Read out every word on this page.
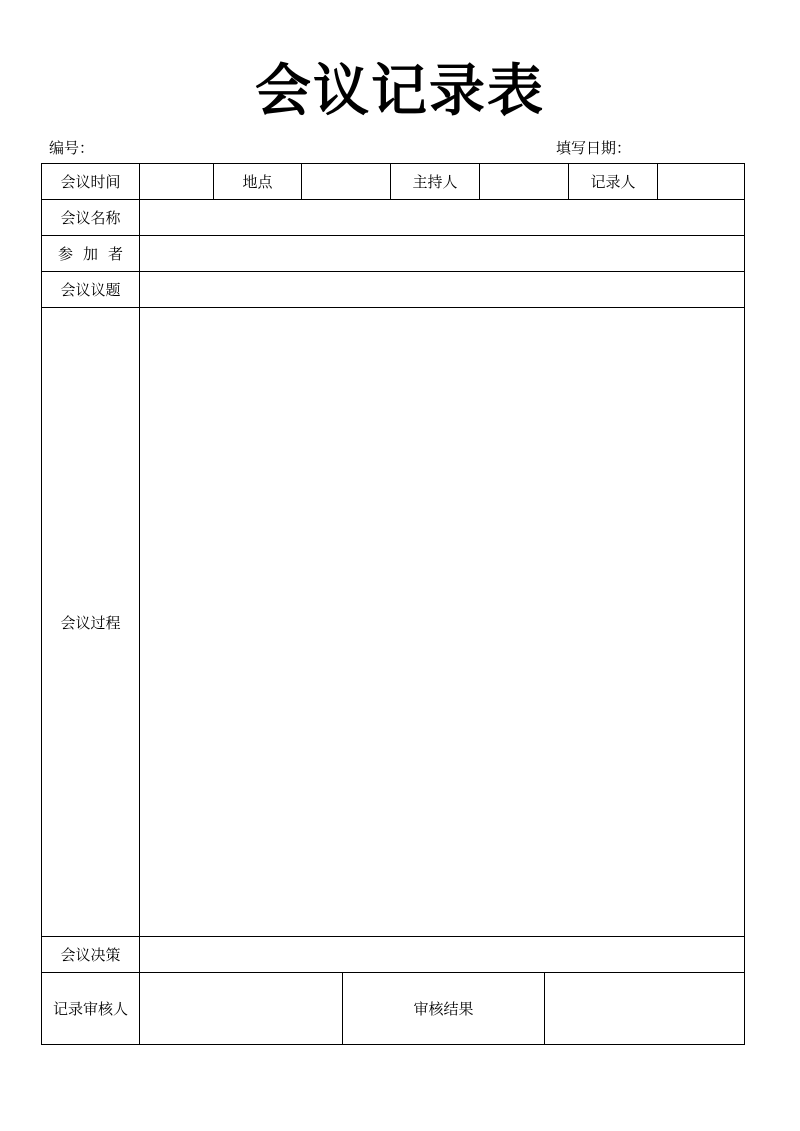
会议记录表
编号：	填写日期：
会议时间		地点			主持人			记录人	
会议名称									
参加者									
会议议题									
会议过程									
会议决策									
记录审核人				审核结果					
